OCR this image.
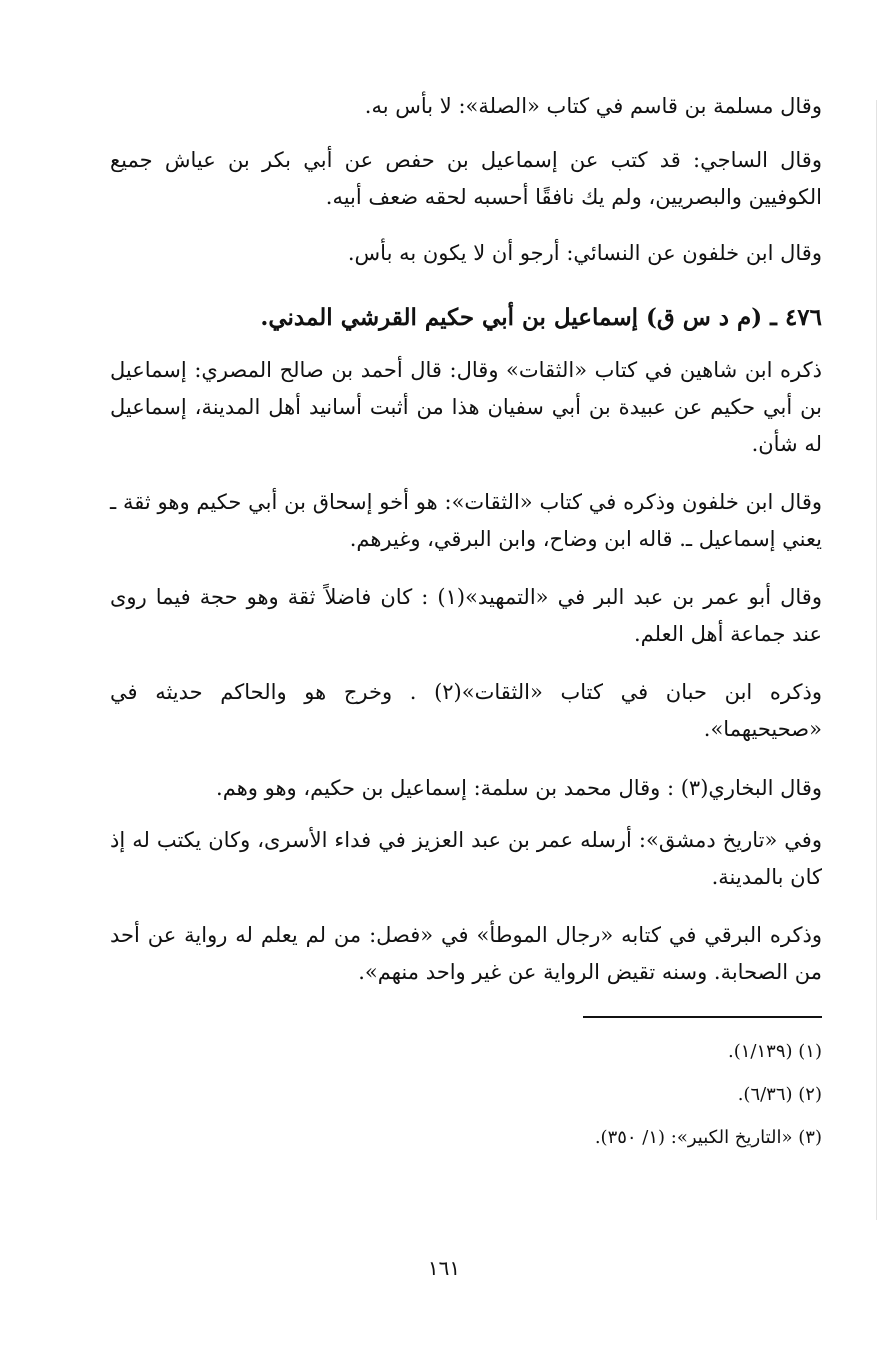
وقال مسلمة بن قاسم في كتاب «الصلة»: لا بأس به.

وقال الساجي: قد كتب عن إسماعيل بن حفص عن أبي بكر بن عياش جميع الكوفيين والبصريين، ولم يك نافقًا أحسبه لحقه ضعف أبيه.

وقال ابن خلفون عن النسائي: أرجو أن لا يكون به بأس.

٤٧٦ ـ (م د س ق) إسماعيل بن أبي حكيم القرشي المدني.

ذكره ابن شاهين في كتاب «الثقات» وقال: قال أحمد بن صالح المصري: إسماعيل بن أبي حكيم عن عبيدة بن أبي سفيان هذا من أثبت أسانيد أهل المدينة، إسماعيل له شأن.

وقال ابن خلفون وذكره في كتاب «الثقات»: هو أخو إسحاق بن أبي حكيم وهو ثقة ـ يعني إسماعيل ـ. قاله ابن وضاح، وابن البرقي، وغيرهم.

وقال أبو عمر بن عبد البر في «التمهيد»(١) : كان فاضلاً ثقة وهو حجة فيما روى عند جماعة أهل العلم.

وذكره ابن حبان في كتاب «الثقات»(٢) . وخرج هو والحاكم حديثه في «صحيحيهما».

وقال البخاري(٣) : وقال محمد بن سلمة: إسماعيل بن حكيم، وهو وهم.

وفي «تاريخ دمشق»: أرسله عمر بن عبد العزيز في فداء الأسرى، وكان يكتب له إذ كان بالمدينة.

وذكره البرقي في كتابه «رجال الموطأ» في «فصل: من لم يعلم له رواية عن أحد من الصحابة. وسنه تقيض الرواية عن غير واحد منهم».

(١) (١/١٣٩).

(٢) (٦/٣٦).

(٣) «التاريخ الكبير»: (١/ ٣٥٠).

١٦١
